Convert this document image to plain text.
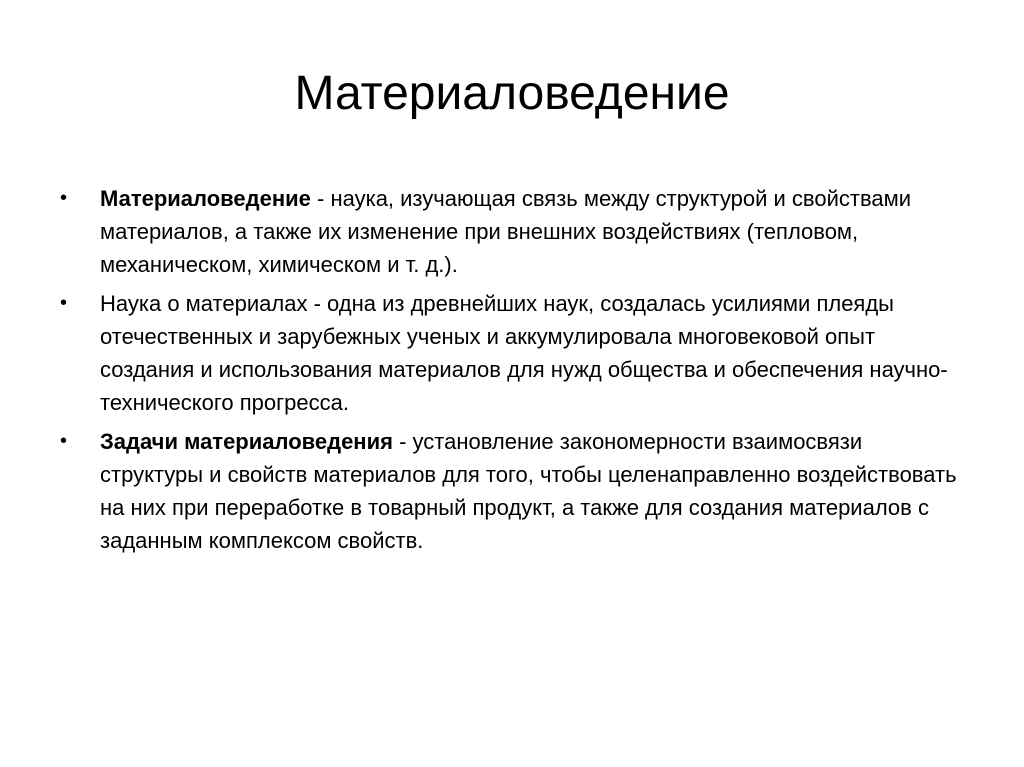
Материаловедение
•	Материаловедение - наука, изучающая связь между структурой и свойствами материалов, а также их изменение при внешних воздействиях (тепловом, механическом, химическом и т. д.).
•	Наука о материалах - одна из древнейших наук, создалась усилиями плеяды отечественных и зарубежных ученых и аккумулировала многовековой опыт создания и использования материалов для нужд общества и обеспечения научно-технического прогресса.
•	Задачи материаловедения - установление закономерности взаимосвязи структуры и свойств материалов для того, чтобы целенаправленно воздействовать на них при переработке в товарный продукт, а также для создания материалов с заданным комплексом свойств.
